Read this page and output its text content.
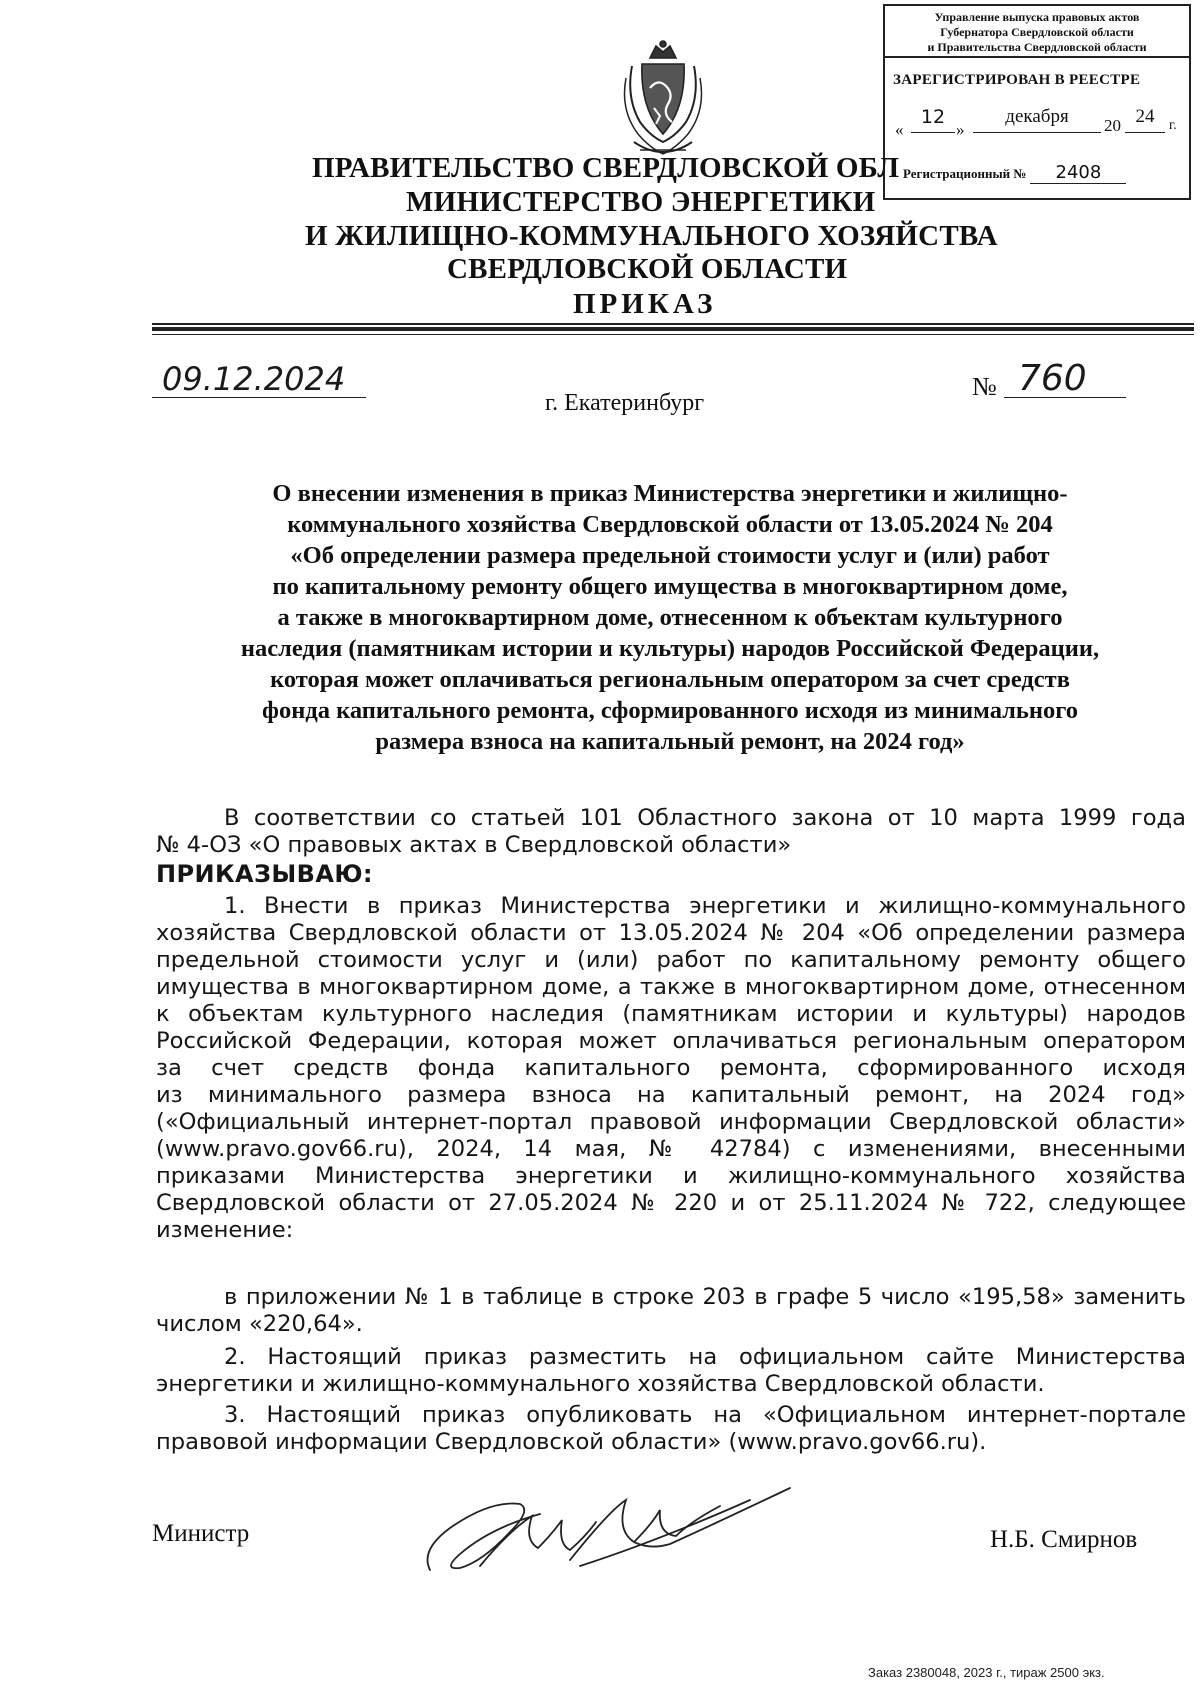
Управление выпуска правовых актов
Губернатора Свердловской области
и Правительства Свердловской области
ЗАРЕГИСТРИРОВАН В РЕЕСТРЕ
«
12
»
декабря	20 24	г.
Регистрационный № 2408
ПРАВИТЕЛЬСТВО СВЕРДЛОВСКОЙ ОБЛ
МИНИСТЕРСТВО ЭНЕРГЕТИКИ
И ЖИЛИЩНО-КОММУНАЛЬНОГО ХОЗЯЙСТВА
СВЕРДЛОВСКОЙ ОБЛАСТИ
ПРИКАЗ
09.12.2024
г. Екатеринбург
№ 760
О внесении изменения в приказ Министерства энергетики и жилищно-
коммунального хозяйства Свердловской области от 13.05.2024 № 204
«Об определении размера предельной стоимости услуг и (или) работ
по капитальному ремонту общего имущества в многоквартирном доме,
а также в многоквартирном доме, отнесенном к объектам культурного
наследия (памятникам истории и культуры) народов Российской Федерации,
которая может оплачиваться региональным оператором за счет средств
фонда капитального ремонта, сформированного исходя из минимального
размера взноса на капитальный ремонт, на 2024 год»
В соответствии со статьей 101 Областного закона от 10 марта 1999 года
№ 4-ОЗ «О правовых актах в Свердловской области»
ПРИКАЗЫВАЮ:
1. Внести в приказ Министерства энергетики и жилищно-коммунального
хозяйства Свердловской области от 13.05.2024 № 204 «Об определении размера
предельной стоимости услуг и (или) работ по капитальному ремонту общего
имущества в многоквартирном доме, а также в многоквартирном доме, отнесенном
к объектам культурного наследия (памятникам истории и культуры) народов
Российской Федерации, которая может оплачиваться региональным оператором
за счет средств фонда капитального ремонта, сформированного исходя
из минимального размера взноса на капитальный ремонт, на 2024 год»
(«Официальный интернет-портал правовой информации Свердловской области»
(www.pravo.gov66.ru), 2024, 14 мая, № 42784) с изменениями, внесенными
приказами Министерства энергетики и жилищно-коммунального хозяйства
Свердловской области от 27.05.2024 № 220 и от 25.11.2024 № 722, следующее
изменение:
в приложении № 1 в таблице в строке 203 в графе 5 число «195,58» заменить
числом «220,64».
2. Настоящий приказ разместить на официальном сайте Министерства
энергетики и жилищно-коммунального хозяйства Свердловской области.
3. Настоящий приказ опубликовать на «Официальном интернет-портале
правовой информации Свердловской области» (www.pravo.gov66.ru).
Министр	Н.Б. Смирнов
Заказ 2380048, 2023 г., тираж 2500 экз.
